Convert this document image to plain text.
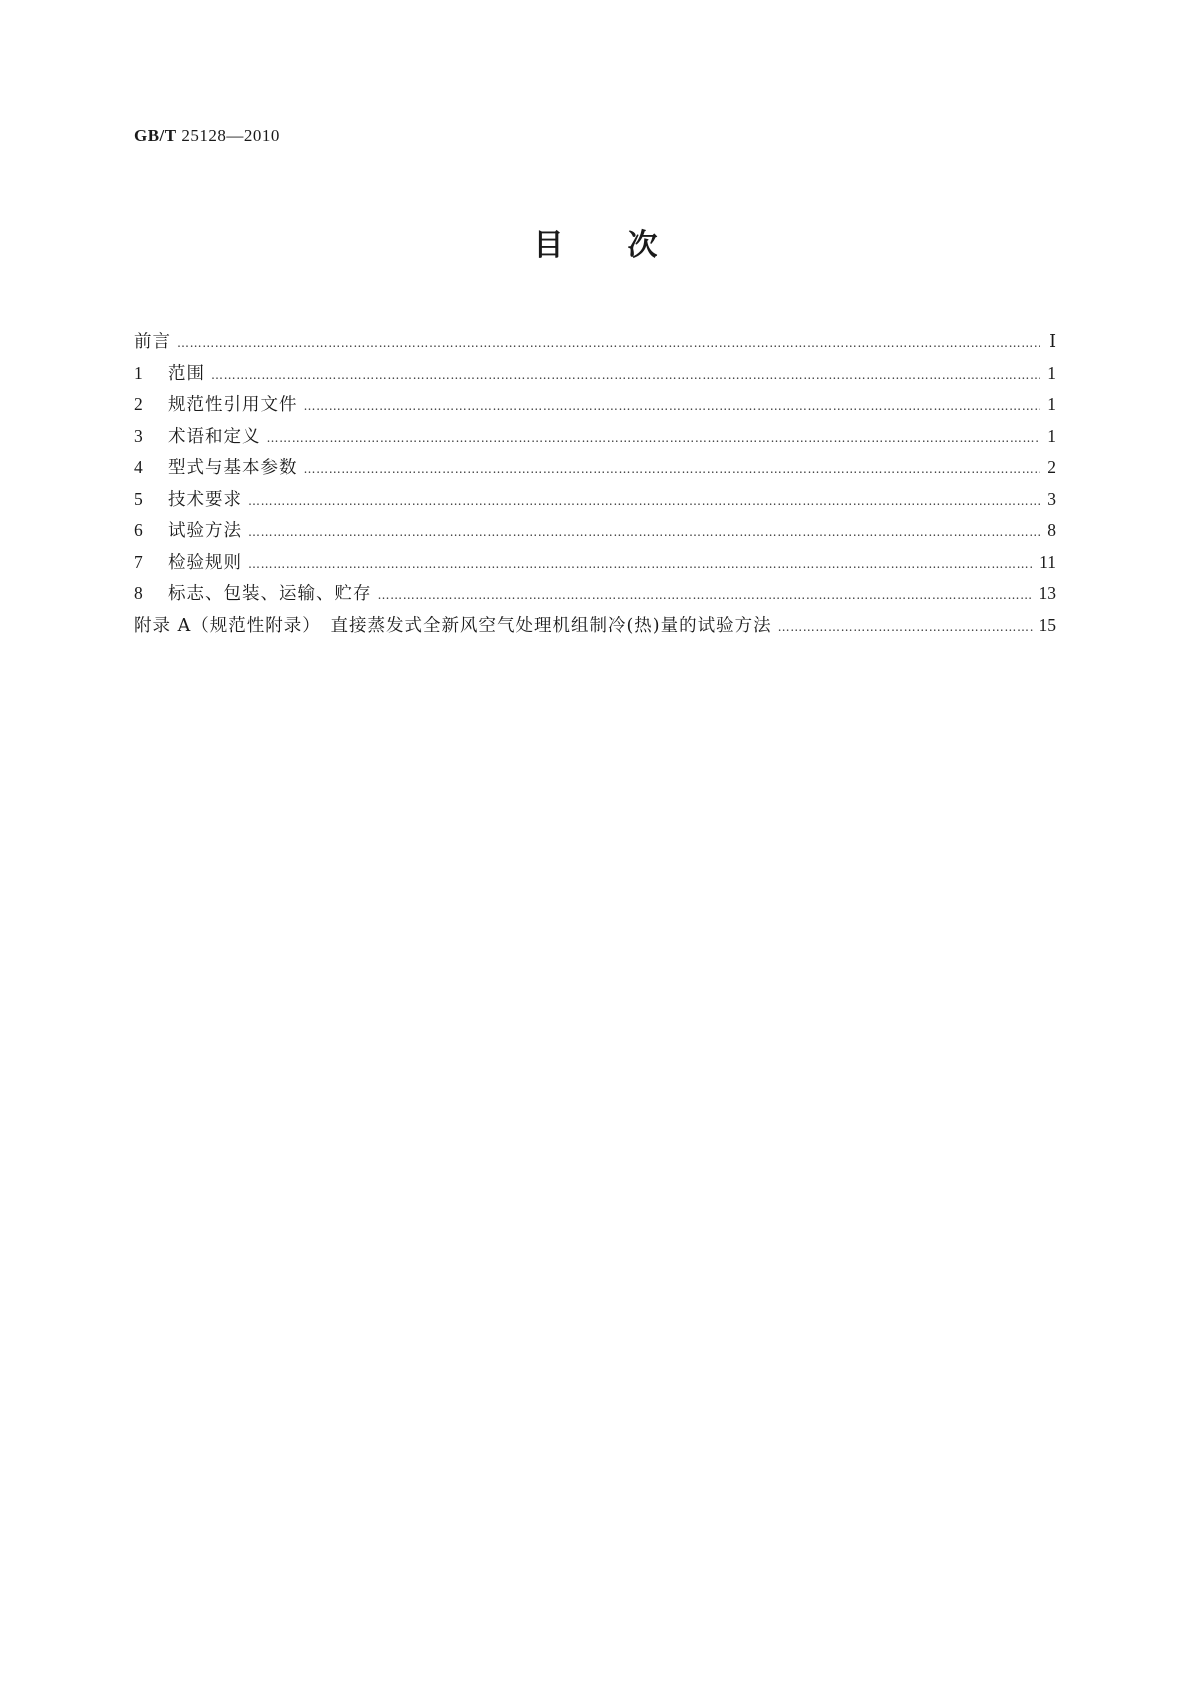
GB/T 25128—2010
目 次
前言 ……………………………………………………………………………………………………………………………………………………………………………………………………………	Ⅰ
1	范围 ……………………………………………………………………………………………………………………………………………………………………………………………………………	1
2	规范性引用文件 ……………………………………………………………………………………………………………………………………………………………………………………………………………	1
3	术语和定义 ……………………………………………………………………………………………………………………………………………………………………………………………………………	1
4	型式与基本参数 ……………………………………………………………………………………………………………………………………………………………………………………………………………	2
5	技术要求 ……………………………………………………………………………………………………………………………………………………………………………………………………………	3
6	试验方法 ……………………………………………………………………………………………………………………………………………………………………………………………………………	8
7	检验规则 ……………………………………………………………………………………………………………………………………………………………………………………………………………	11
8	标志、包装、运输、贮存 ……………………………………………………………………………………………………………………………………………………………………………………………………………	13
附录 A（规范性附录）　直接蒸发式全新风空气处理机组制冷(热)量的试验方法 ……………………………………………………………………………………………………………………………………………………………………………………………………………	15
